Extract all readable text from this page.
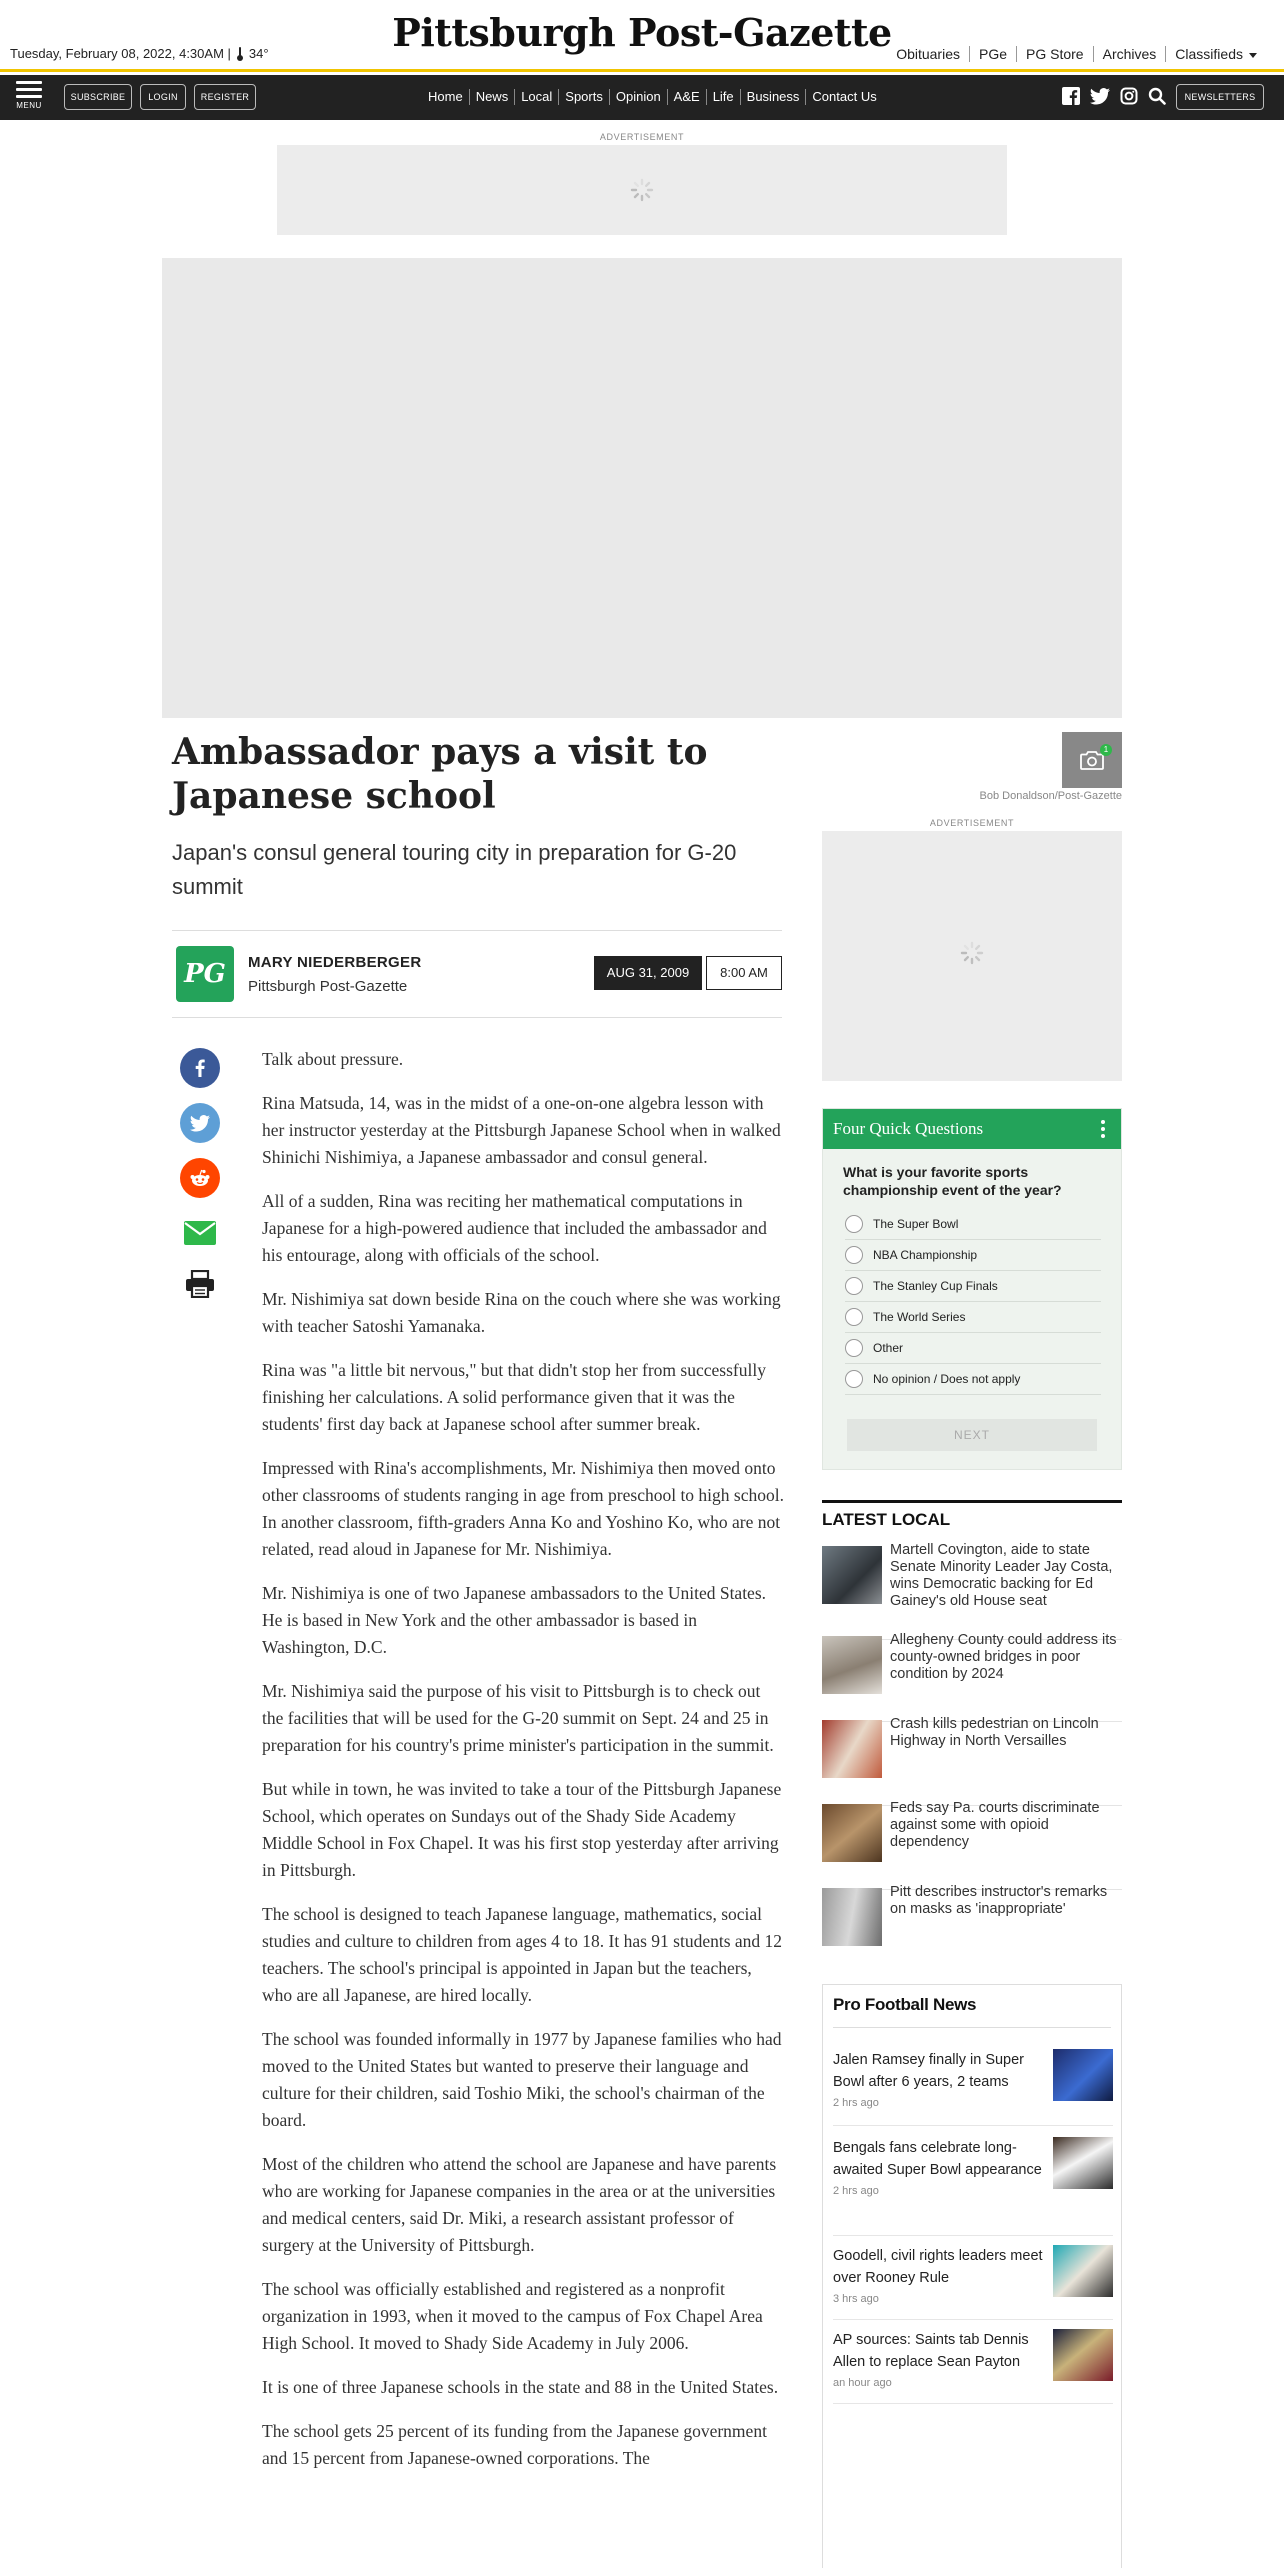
Tuesday, February 08, 2022, 4:30AM | 34°	Pittsburgh Post-Gazette Obituaries	PGe	PG Store	Archives	Classifieds
MENU
SUBSCRIBE	LOGIN	REGISTER	Home	News	Local	Sports	Opinion	A&E	Life	Business	Contact Us	NEWSLETTERS
ADVERTISEMENT
1
Bob Donaldson/Post-Gazette
Ambassador pays a visit to Japanese school
Japan's consul general touring city in preparation for G-20 summit
PG	MARY NIEDERBERGER
Pittsburgh Post-Gazette
AUG 31, 2009	8:00 AM

Talk about pressure.

Rina Matsuda, 14, was in the midst of a one-on-one algebra lesson with her instructor yesterday at the Pittsburgh Japanese School when in walked Shinichi Nishimiya, a Japanese ambassador and consul general.

All of a sudden, Rina was reciting her mathematical computations in Japanese for a high-powered audience that included the ambassador and his entourage, along with officials of the school.

Mr. Nishimiya sat down beside Rina on the couch where she was working with teacher Satoshi Yamanaka.

Rina was "a little bit nervous," but that didn't stop her from successfully finishing her calculations. A solid performance given that it was the students' first day back at Japanese school after summer break.

Impressed with Rina's accomplishments, Mr. Nishimiya then moved onto other classrooms of students ranging in age from preschool to high school. In another classroom, fifth-graders Anna Ko and Yoshino Ko, who are not related, read aloud in Japanese for Mr. Nishimiya.

Mr. Nishimiya is one of two Japanese ambassadors to the United States. He is based in New York and the other ambassador is based in Washington, D.C.

Mr. Nishimiya said the purpose of his visit to Pittsburgh is to check out the facilities that will be used for the G-20 summit on Sept. 24 and 25 in preparation for his country's prime minister's participation in the summit.

But while in town, he was invited to take a tour of the Pittsburgh Japanese School, which operates on Sundays out of the Shady Side Academy Middle School in Fox Chapel. It was his first stop yesterday after arriving in Pittsburgh.

The school is designed to teach Japanese language, mathematics, social studies and culture to children from ages 4 to 18. It has 91 students and 12 teachers. The school's principal is appointed in Japan but the teachers, who are all Japanese, are hired locally.

The school was founded informally in 1977 by Japanese families who had moved to the United States but wanted to preserve their language and culture for their children, said Toshio Miki, the school's chairman of the board.

Most of the children who attend the school are Japanese and have parents who are working for Japanese companies in the area or at the universities and medical centers, said Dr. Miki, a research assistant professor of surgery at the University of Pittsburgh.

The school was officially established and registered as a nonprofit organization in 1993, when it moved to the campus of Fox Chapel Area High School. It moved to Shady Side Academy in July 2006.

It is one of three Japanese schools in the state and 88 in the United States.

The school gets 25 percent of its funding from the Japanese government and 15 percent from Japanese-owned corporations. The

ADVERTISEMENT
Four Quick Questions
What is your favorite sports championship event of the year?
The Super Bowl
NBA Championship
The Stanley Cup Finals
The World Series
Other
No opinion / Does not apply
NEXT
LATEST LOCAL
Martell Covington, aide to state Senate Minority Leader Jay Costa, wins Democratic backing for Ed Gainey's old House seat
Allegheny County could address its county-owned bridges in poor condition by 2024
Crash kills pedestrian on Lincoln Highway in North Versailles
Feds say Pa. courts discriminate against some with opioid dependency
Pitt describes instructor's remarks on masks as 'inappropriate'
Pro Football News
Jalen Ramsey finally in Super Bowl after 6 years, 2 teams
2 hrs ago
Bengals fans celebrate long-awaited Super Bowl appearance
2 hrs ago
Goodell, civil rights leaders meet over Rooney Rule
3 hrs ago
AP sources: Saints tab Dennis Allen to replace Sean Payton
an hour ago
